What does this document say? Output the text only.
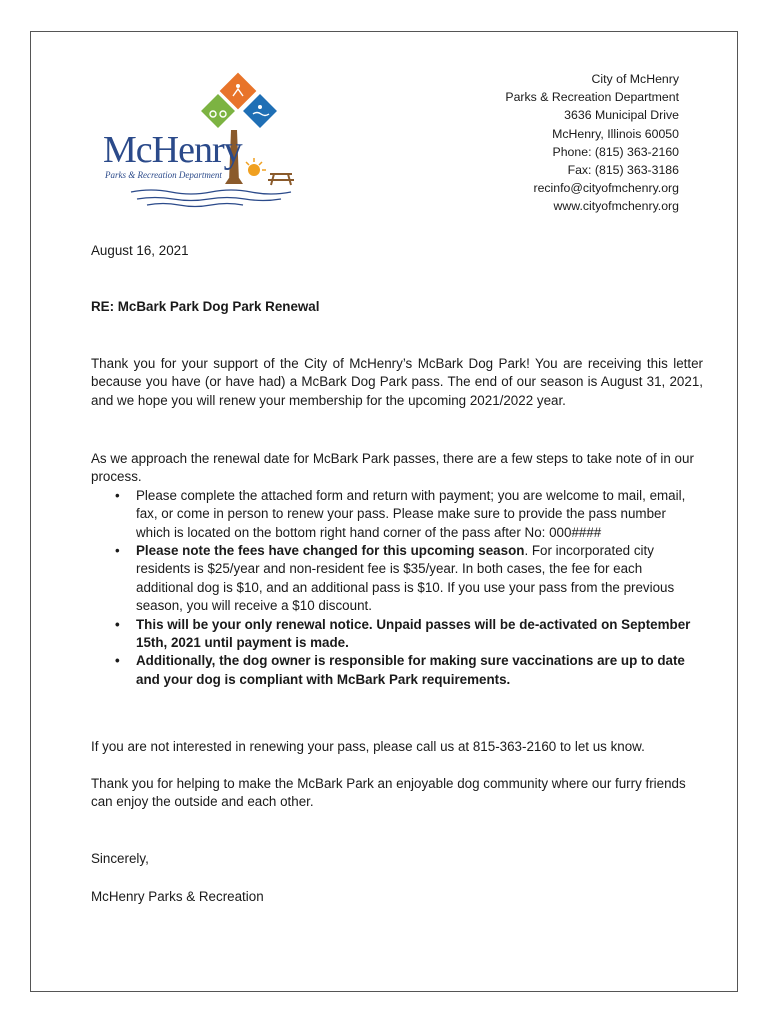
McHenry
Parks & Recreation Department
City of McHenry
Parks & Recreation Department
3636 Municipal Drive
McHenry, Illinois 60050
Phone: (815) 363-2160
Fax: (815) 363-3186
recinfo@cityofmchenry.org
www.cityofmchenry.org
August 16, 2021
RE: McBark Park Dog Park Renewal
Thank you for your support of the City of McHenry’s McBark Dog Park! You are receiving this letter because you have (or have had) a McBark Dog Park pass. The end of our season is August 31, 2021, and we hope you will renew your membership for the upcoming 2021/2022 year.
As we approach the renewal date for McBark Park passes, there are a few steps to take note of in our process.
• Please complete the attached form and return with payment; you are welcome to mail, email, fax, or come in person to renew your pass. Please make sure to provide the pass number which is located on the bottom right hand corner of the pass after No: 000####
• Please note the fees have changed for this upcoming season. For incorporated city residents is $25/year and non-resident fee is $35/year. In both cases, the fee for each additional dog is $10, and an additional pass is $10. If you use your pass from the previous season, you will receive a $10 discount.
• This will be your only renewal notice. Unpaid passes will be de-activated on September 15th, 2021 until payment is made.
• Additionally, the dog owner is responsible for making sure vaccinations are up to date and your dog is compliant with McBark Park requirements.
If you are not interested in renewing your pass, please call us at 815-363-2160 to let us know.
Thank you for helping to make the McBark Park an enjoyable dog community where our furry friends can enjoy the outside and each other.
Sincerely,
McHenry Parks & Recreation
